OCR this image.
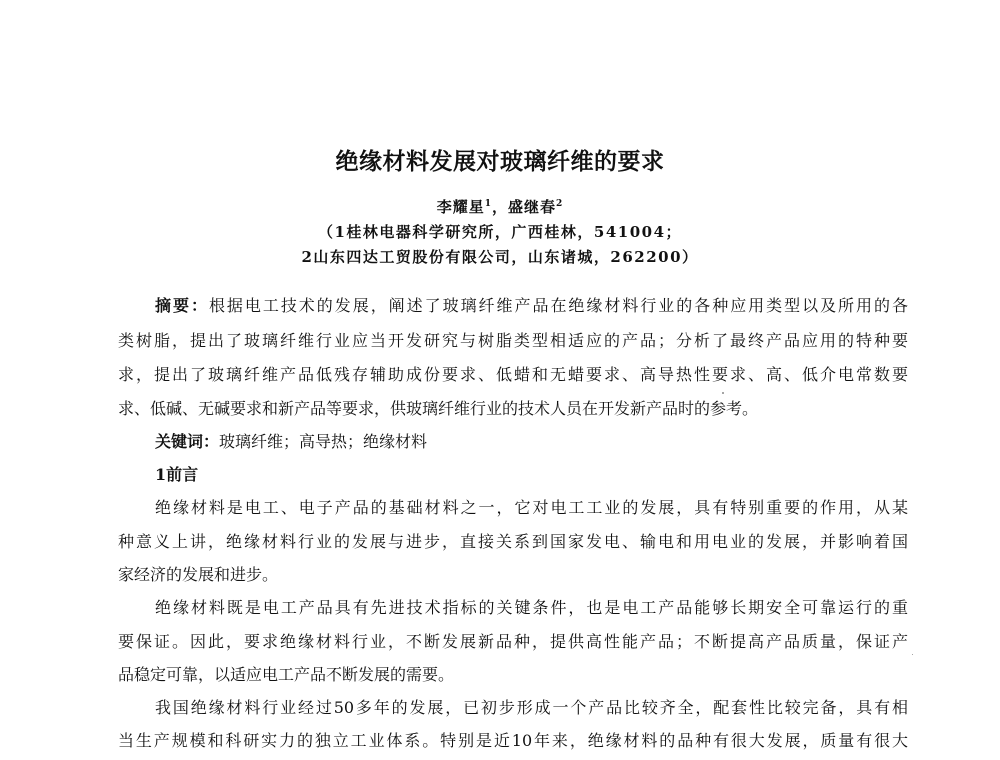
绝缘材料发展对玻璃纤维的要求
李耀星$^1$，盛继春$^2$
（1桂林电器科学研究所，广西桂林，541004；
2山东四达工贸股份有限公司，山东诸城，262200）
摘要：根据电工技术的发展，阐述了玻璃纤维产品在绝缘材料行业的各种应用类型以及所用的各
类树脂，提出了玻璃纤维行业应当开发研究与树脂类型相适应的产品；分析了最终产品应用的特种要
求，提出了玻璃纤维产品低残存辅助成份要求、低蜡和无蜡要求、高导热性要求、高、低介电常数要
求、低碱、无碱要求和新产品等要求，供玻璃纤维行业的技术人员在开发新产品时的参考。
关键词：玻璃纤维；高导热；绝缘材料
1前言
绝缘材料是电工、电子产品的基础材料之一，它对电工工业的发展，具有特别重要的作用，从某
种意义上讲，绝缘材料行业的发展与进步，直接关系到国家发电、输电和用电业的发展，并影响着国
家经济的发展和进步。
绝缘材料既是电工产品具有先进技术指标的关键条件，也是电工产品能够长期安全可靠运行的重
要保证。因此，要求绝缘材料行业，不断发展新品种，提供高性能产品；不断提高产品质量，保证产
品稳定可靠，以适应电工产品不断发展的需要。
我国绝缘材料行业经过50多年的发展，已初步形成一个产品比较齐全，配套性比较完备，具有相
当生产规模和科研实力的独立工业体系。特别是近10年来，绝缘材料的品种有很大发展，质量有很大
